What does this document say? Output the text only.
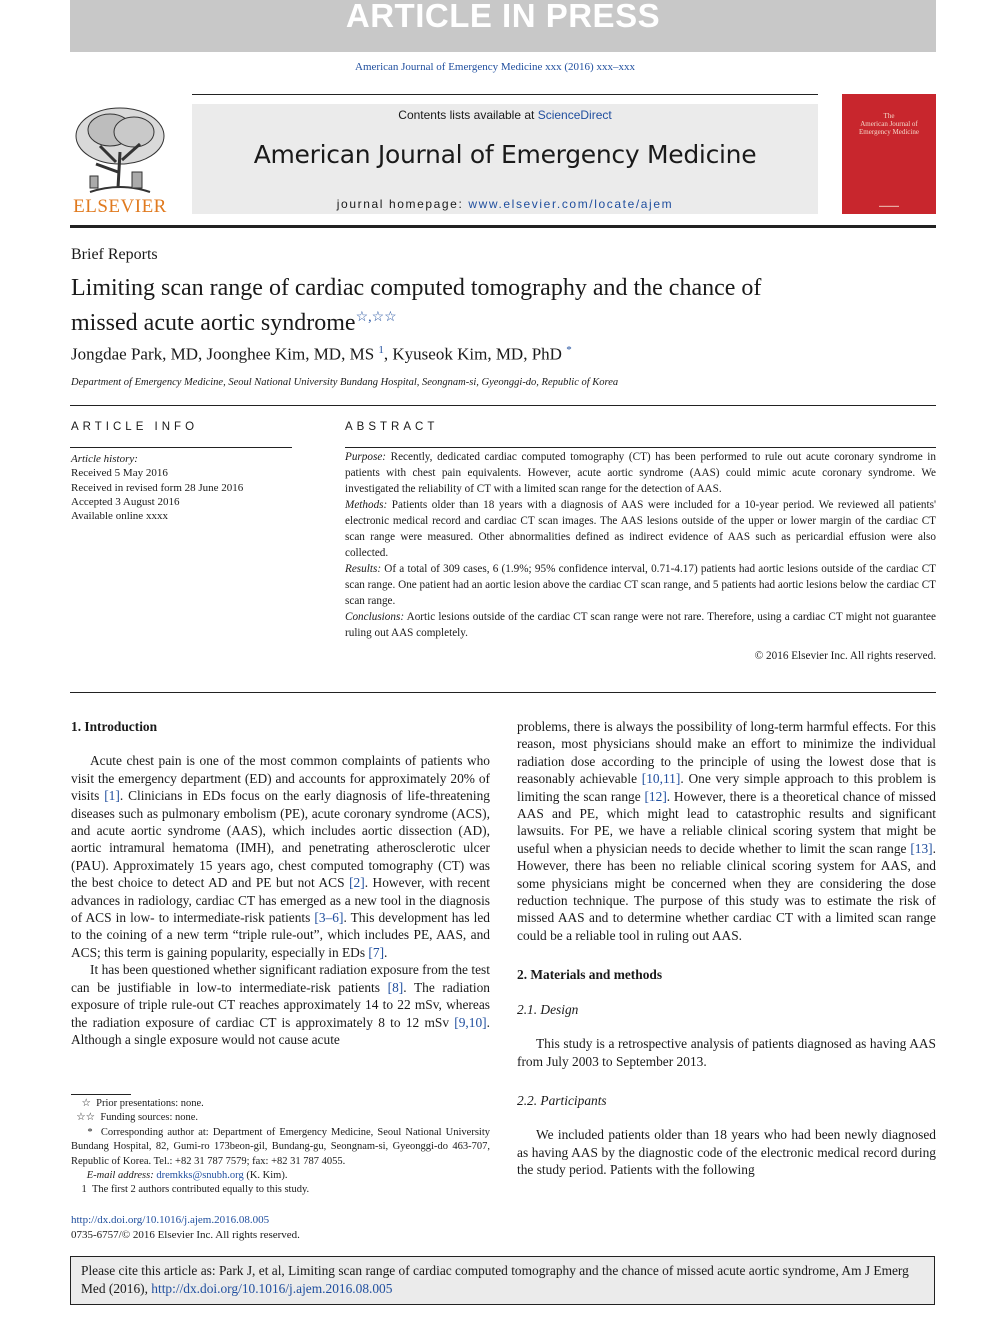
ARTICLE IN PRESS
American Journal of Emergency Medicine xxx (2016) xxx–xxx
ELSEVIER
Contents lists available at ScienceDirect
American Journal of Emergency Medicine
journal homepage: www.elsevier.com/locate/ajem
The
American Journal of
Emergency Medicine
▬▬▬▬▬
Brief Reports
Limiting scan range of cardiac computed tomography and the chance of
missed acute aortic syndrome☆,☆☆
Jongdae Park, MD, Joonghee Kim, MD, MS $^1$, Kyuseok Kim, MD, PhD *
Department of Emergency Medicine, Seoul National University Bundang Hospital, Seongnam-si, Gyeonggi-do, Republic of Korea
ARTICLE INFO
Article history:
Received 5 May 2016
Received in revised form 28 June 2016
Accepted 3 August 2016
Available online xxxx
ABSTRACT

Purpose: Recently, dedicated cardiac computed tomography (CT) has been performed to rule out acute coronary syndrome in patients with chest pain equivalents. However, acute aortic syndrome (AAS) could mimic acute coronary syndrome. We investigated the reliability of CT with a limited scan range for the detection of AAS.

Methods: Patients older than 18 years with a diagnosis of AAS were included for a 10-year period. We reviewed all patients' electronic medical record and cardiac CT scan images. The AAS lesions outside of the upper or lower margin of the cardiac CT scan range were measured. Other abnormalities defined as indirect evidence of AAS such as pericardial effusion were also collected.

Results: Of a total of 309 cases, 6 (1.9%; 95% confidence interval, 0.71-4.17) patients had aortic lesions outside of the cardiac CT scan range. One patient had an aortic lesion above the cardiac CT scan range, and 5 patients had aortic lesions below the cardiac CT scan range.

Conclusions: Aortic lesions outside of the cardiac CT scan range were not rare. Therefore, using a cardiac CT might not guarantee ruling out AAS completely.

© 2016 Elsevier Inc. All rights reserved.

1. Introduction

Acute chest pain is one of the most common complaints of patients who visit the emergency department (ED) and accounts for approximately 20% of visits [1]. Clinicians in EDs focus on the early diagnosis of life-threatening diseases such as pulmonary embolism (PE), acute coronary syndrome (ACS), and acute aortic syndrome (AAS), which includes aortic dissection (AD), aortic intramural hematoma (IMH), and penetrating atherosclerotic ulcer (PAU). Approximately 15 years ago, chest computed tomography (CT) was the best choice to detect AD and PE but not ACS [2]. However, with recent advances in radiology, cardiac CT has emerged as a new tool in the diagnosis of ACS in low- to intermediate-risk patients [3–6]. This development has led to the coining of a new term “triple rule-out”, which includes PE, AAS, and ACS; this term is gaining popularity, especially in EDs [7].

It has been questioned whether significant radiation exposure from the test can be justifiable in low-to intermediate-risk patients [8]. The radiation exposure of triple rule-out CT reaches approximately 14 to 22 mSv, whereas the radiation exposure of cardiac CT is approximately 8 to 12 mSv [9,10]. Although a single exposure would not cause acute

problems, there is always the possibility of long-term harmful effects. For this reason, most physicians should make an effort to minimize the individual radiation dose according to the principle of using the lowest dose that is reasonably achievable [10,11]. One very simple approach to this problem is limiting the scan range [12]. However, there is a theoretical chance of missed AAS and PE, which might lead to catastrophic results and significant lawsuits. For PE, we have a reliable clinical scoring system that might be useful when a physician needs to decide whether to limit the scan range [13]. However, there has been no reliable clinical scoring system for AAS, and some physicians might be concerned when they are considering the dose reduction technique. The purpose of this study was to estimate the risk of missed AAS and to determine whether cardiac CT with a limited scan range could be a reliable tool in ruling out AAS.

2. Materials and methods
2.1. Design

This study is a retrospective analysis of patients diagnosed as having AAS from July 2003 to September 2013.

2.2. Participants

We included patients older than 18 years who had been newly diagnosed as having AAS by the diagnostic code of the electronic medical record during the study period. Patients with the following

☆ Prior presentations: none.
☆☆ Funding sources: none.
* Corresponding author at: Department of Emergency Medicine, Seoul National University Bundang Hospital, 82, Gumi-ro 173beon-gil, Bundang-gu, Seongnam-si, Gyeonggi-do 463-707, Republic of Korea. Tel.: +82 31 787 7579; fax: +82 31 787 4055.
E-mail address: dremkks@snubh.org (K. Kim).
1 The first 2 authors contributed equally to this study.
http://dx.doi.org/10.1016/j.ajem.2016.08.005
0735-6757/© 2016 Elsevier Inc. All rights reserved.
Please cite this article as: Park J, et al, Limiting scan range of cardiac computed tomography and the chance of missed acute aortic syndrome, Am J Emerg Med (2016), http://dx.doi.org/10.1016/j.ajem.2016.08.005
